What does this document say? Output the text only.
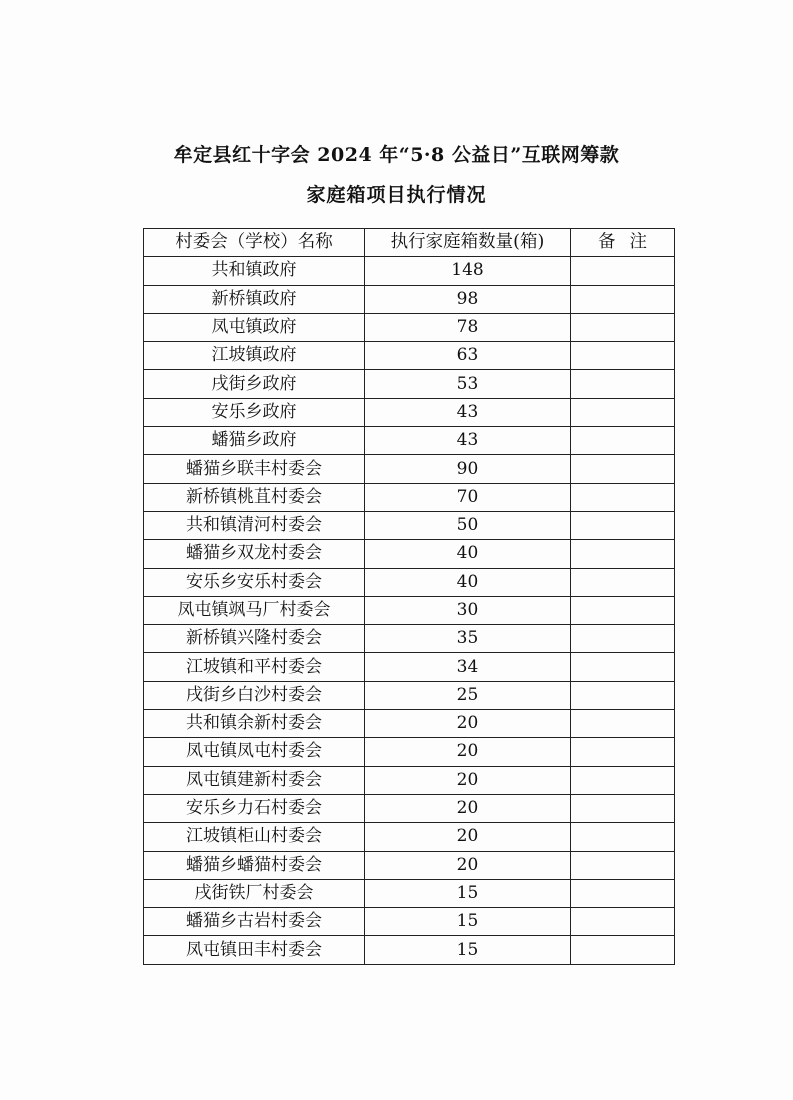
牟定县红十字会 2024 年“5·8 公益日”互联网筹款
家庭箱项目执行情况
村委会（学校）名称	执行家庭箱数量(箱)	备注
共和镇政府	148	
新桥镇政府	98	
凤屯镇政府	78	
江坡镇政府	63	
戌街乡政府	53	
安乐乡政府	43	
蟠猫乡政府	43	
蟠猫乡联丰村委会	90	
新桥镇桃苴村委会	70	
共和镇清河村委会	50	
蟠猫乡双龙村委会	40	
安乐乡安乐村委会	40	
凤屯镇飒马厂村委会	30	
新桥镇兴隆村委会	35	
江坡镇和平村委会	34	
戌街乡白沙村委会	25	
共和镇余新村委会	20	
凤屯镇凤屯村委会	20	
凤屯镇建新村委会	20	
安乐乡力石村委会	20	
江坡镇柜山村委会	20	
蟠猫乡蟠猫村委会	20	
戌街铁厂村委会	15	
蟠猫乡古岩村委会	15	
凤屯镇田丰村委会	15	
